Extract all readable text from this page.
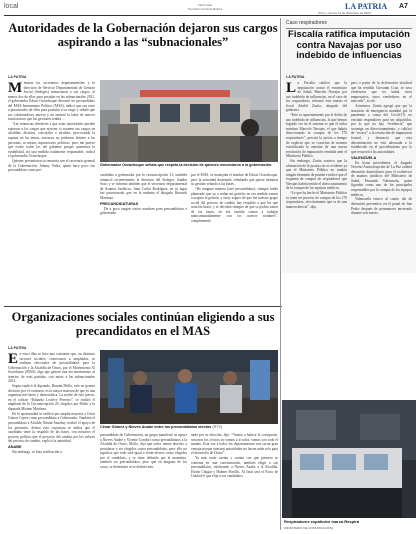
local	Vanzmade
Periódico la Patria Bolivia	LA PATRIA
Oruro, viernes 11 de diciembre de 2020
A7
Autoridades de la Gobernación dejaron sus cargos aspirando a las “subnacionales”
LA PATRIA
M ientras los secretarios departamentales y la directora de Servicio Departamental de Gestión Social (Sedeges) renunciaron a sus cargos, al menos dos de ellos para postular en las subnacionales 2021, el gobernador Edson Oczachoque descartó ser precandidato del MAS-Instrumento Político (MAS), indicó que sus once a preacinados de ellos para postular a su cargo y señaló que sus colaboradores nuevos y no asumió la labor de nuevos funcionarios que las gestiones tendrá ...

“Las renuncias obedecen a que estas autoridades pueden expresar a los cargos que ejercen, si asumen sus cargos en alcaldías, distritos, concejales o alcaldes, provocando la ruptura en las ternas, entonces no podemos detener a las personas, ni menos aspiraciones políticas, pero me parece que existe todos los del gabinete porque queremos la estabilidad, así una medida totalmente responsable, indicó el gobernador Oczachoque.

Quienes presentaron su renuncia son el secretario general de la Gobernación, Johnny Vedia, quien hace poco fue precandidato como pre-

Gobernador Oczachoque señala que respeta la decisión de quienes renunciaron a la gobernación.

candidato a gobernador por la circunscripción 31; también renunció recientemente la directora del Sedeges, Sandra Soto, y se informó también que el secretario departamental de Asuntos Jurídicos, Juan Carlos Rodríguez, en su lugar fue posesionado que en la mañana el abogado Buezark Martínez.

PRECANDIDATURAS

De a poco surgen varios nombres para precandidatos a gobernador

por el MAS, se manejaba el nombre de Edson Oczachoque, pero la autoridad desmintió, señalando que quiere terminar su gestión velando a las bases.

“De ninguna manera (seré precandidato); siempre había planteado que yo a suthar mi gestión, en esa medida vamos a aceptar la gestión, y estoy seguro de que fue nuestro grupo social del proceso de cambio hay respaldo a que los que sean las bases, y se decidirá siempre de que se podría tomar de las bases, en ese sentido vamos a trabajar mancomunadamente con los nuevos nombres”, complementó.

Caso respiradores
Fiscalía ratifica imputación contra Navajas por uso indebido de influencias
LA PATRIA
L a Fiscalía ratificó que la imputación contra el exministro de Salud, Marcelo Navajas por uso indebido de influencias, en el caso de los respiradores, informó este martes el fiscal Adalid Zurita, abogado del gobierno.

“Esto es aparentemente por el delito de uso indebido de influencias, lo que hemos logrado ver en el sistema es que el señor ministro Marcelo Navajas, el que habría direccionado la compra de los 170 respiradores”, precisó la jurista a tiempo de explicar que se conocían de manera estratificada la emisión de una nueva resolución de imputación remitida ante el Ministerio Público.

Sin embargo, Zurita sostuvo que la afirmación de la justicia no es evidente ya que el Ministerio Público no tendría ningún elemento de prueba e indicó que el esquema de compra de respiradores que Navajas habría tenido el direccionamiento de la compra de los equipos médicos.

“Lo que ha hecho el Ministerio Público es tener un proceso de compra de los 170 respiradores, efectivamente que es de una manera directa”, dijo.

pero a partir de la declaración testifical que ha rendido Giovanni Cruz, se tuvo evidencias que no había otros empresarios, otros vendedores en el mercado”, acotó.

Asimismo, Zurita agregó que por la situación de emergencia mundial por la pandemia a causa del Covid-19, no existían respiradores para ser adquiridos, por lo que no hay “evidencia” que sostenga un direccionamiento, y calificó de “escaso” a la resolución de imputación formal, y denunció que esta determinación no está adecuada a lo establecido en el procedimiento por lo que recurrirá a las autoridades.

VALENZUELA

En horas precedentes, el Juzgado Noveno Anticorrupción de La Paz ordenó detención domiciliaria para el exdirector de asuntos jurídicos del Ministerio de Salud, Fernando Valenzuela, quien figuraba como uno de los principales responsables por la compra de los equipos médicos.

Valenzuela estuvo al cuarto día de detención preventiva en el penal de San Pedro después de permanecer encerrado durante seis meses.

Organizaciones sociales continúan eligiendo a sus precandidatos en el MAS
LA PATRIA
E n estos días se hizo una constante que, en distintos sectores sociales, convocaron a ampliados, se realizan elecciones de precandidatos para la Gobernación y la Alcaldía de Oruro, por el Movimiento Al Socialismo (MAS), algo que generó una ola movimiento al interior, de esas partidas, con miras a las subnacionales 2021.

Según explicó el diputado, Román Mollo, este no genera división, por el contrario, es la mayor muestra de que es una organización fuerte y democrática. La noche de este jueves, en el coliseo “Eduardo Lecleve Ferreiro”, se realizó el ampliado de la Circunscripción 29, elegidos por Mollo y la diputada Miriam Martínez.

En la oportunidad se ratificó por amplia mayoría a César Gómez López como precandidato a Gobernador. También el precandidato a Alcalde, Renán Azurduy recibió el apoyo de los presentes, dentro esta coyuntura se indica que el candidato tiene la respaldo de las bases, con nosotros el proceso político que el proyecto del cambio por los valores del proceso de cambio, explicó la autoridad.

ANABE

Sin embargo, se hizo ratificación a

César Gómez y Nieves Anabe entre los precandidatos electos (RTV)

precandidato de Gobernación, un grupo manifestó su apoyo a Nieves Anabe y Vicente Condori como precandidatos a la Alcaldía de Oruro, Mollo, dijo que todos tienen derecho a postularse y ser elegidos como precandidatos, pero ello no significa que todo será igual o serán electos como elegidos por el candidato, y se tiene definido por el momento, también ser precandidatos, pero que en ninguno de los casos, se determinó ni se definió aún.

nada por su elección, dijo: “Vamos a batirse la corrupción, nosotros los cívicos no vamos a ir solos, vamos con todo el mundo. Esta vez a todos los departamentos nos sacan gran ventaja porque nuestras autoridades no hacen nada solo para el desarrollo de Oruro”.

Ya más tarde cuenta y cuenta con que primero se comenta en una concentración, también elegir a sus precandidatos, ratificando a Nieves Anabe a la Alcaldía, Efraín Chugar y Hubner Portillo. Al final será el Pacto de Unidad el que elija a sus candidatos.

Respiradores españoles marca Respira
(MINISTERIO DE COMUNICACIÓN)
